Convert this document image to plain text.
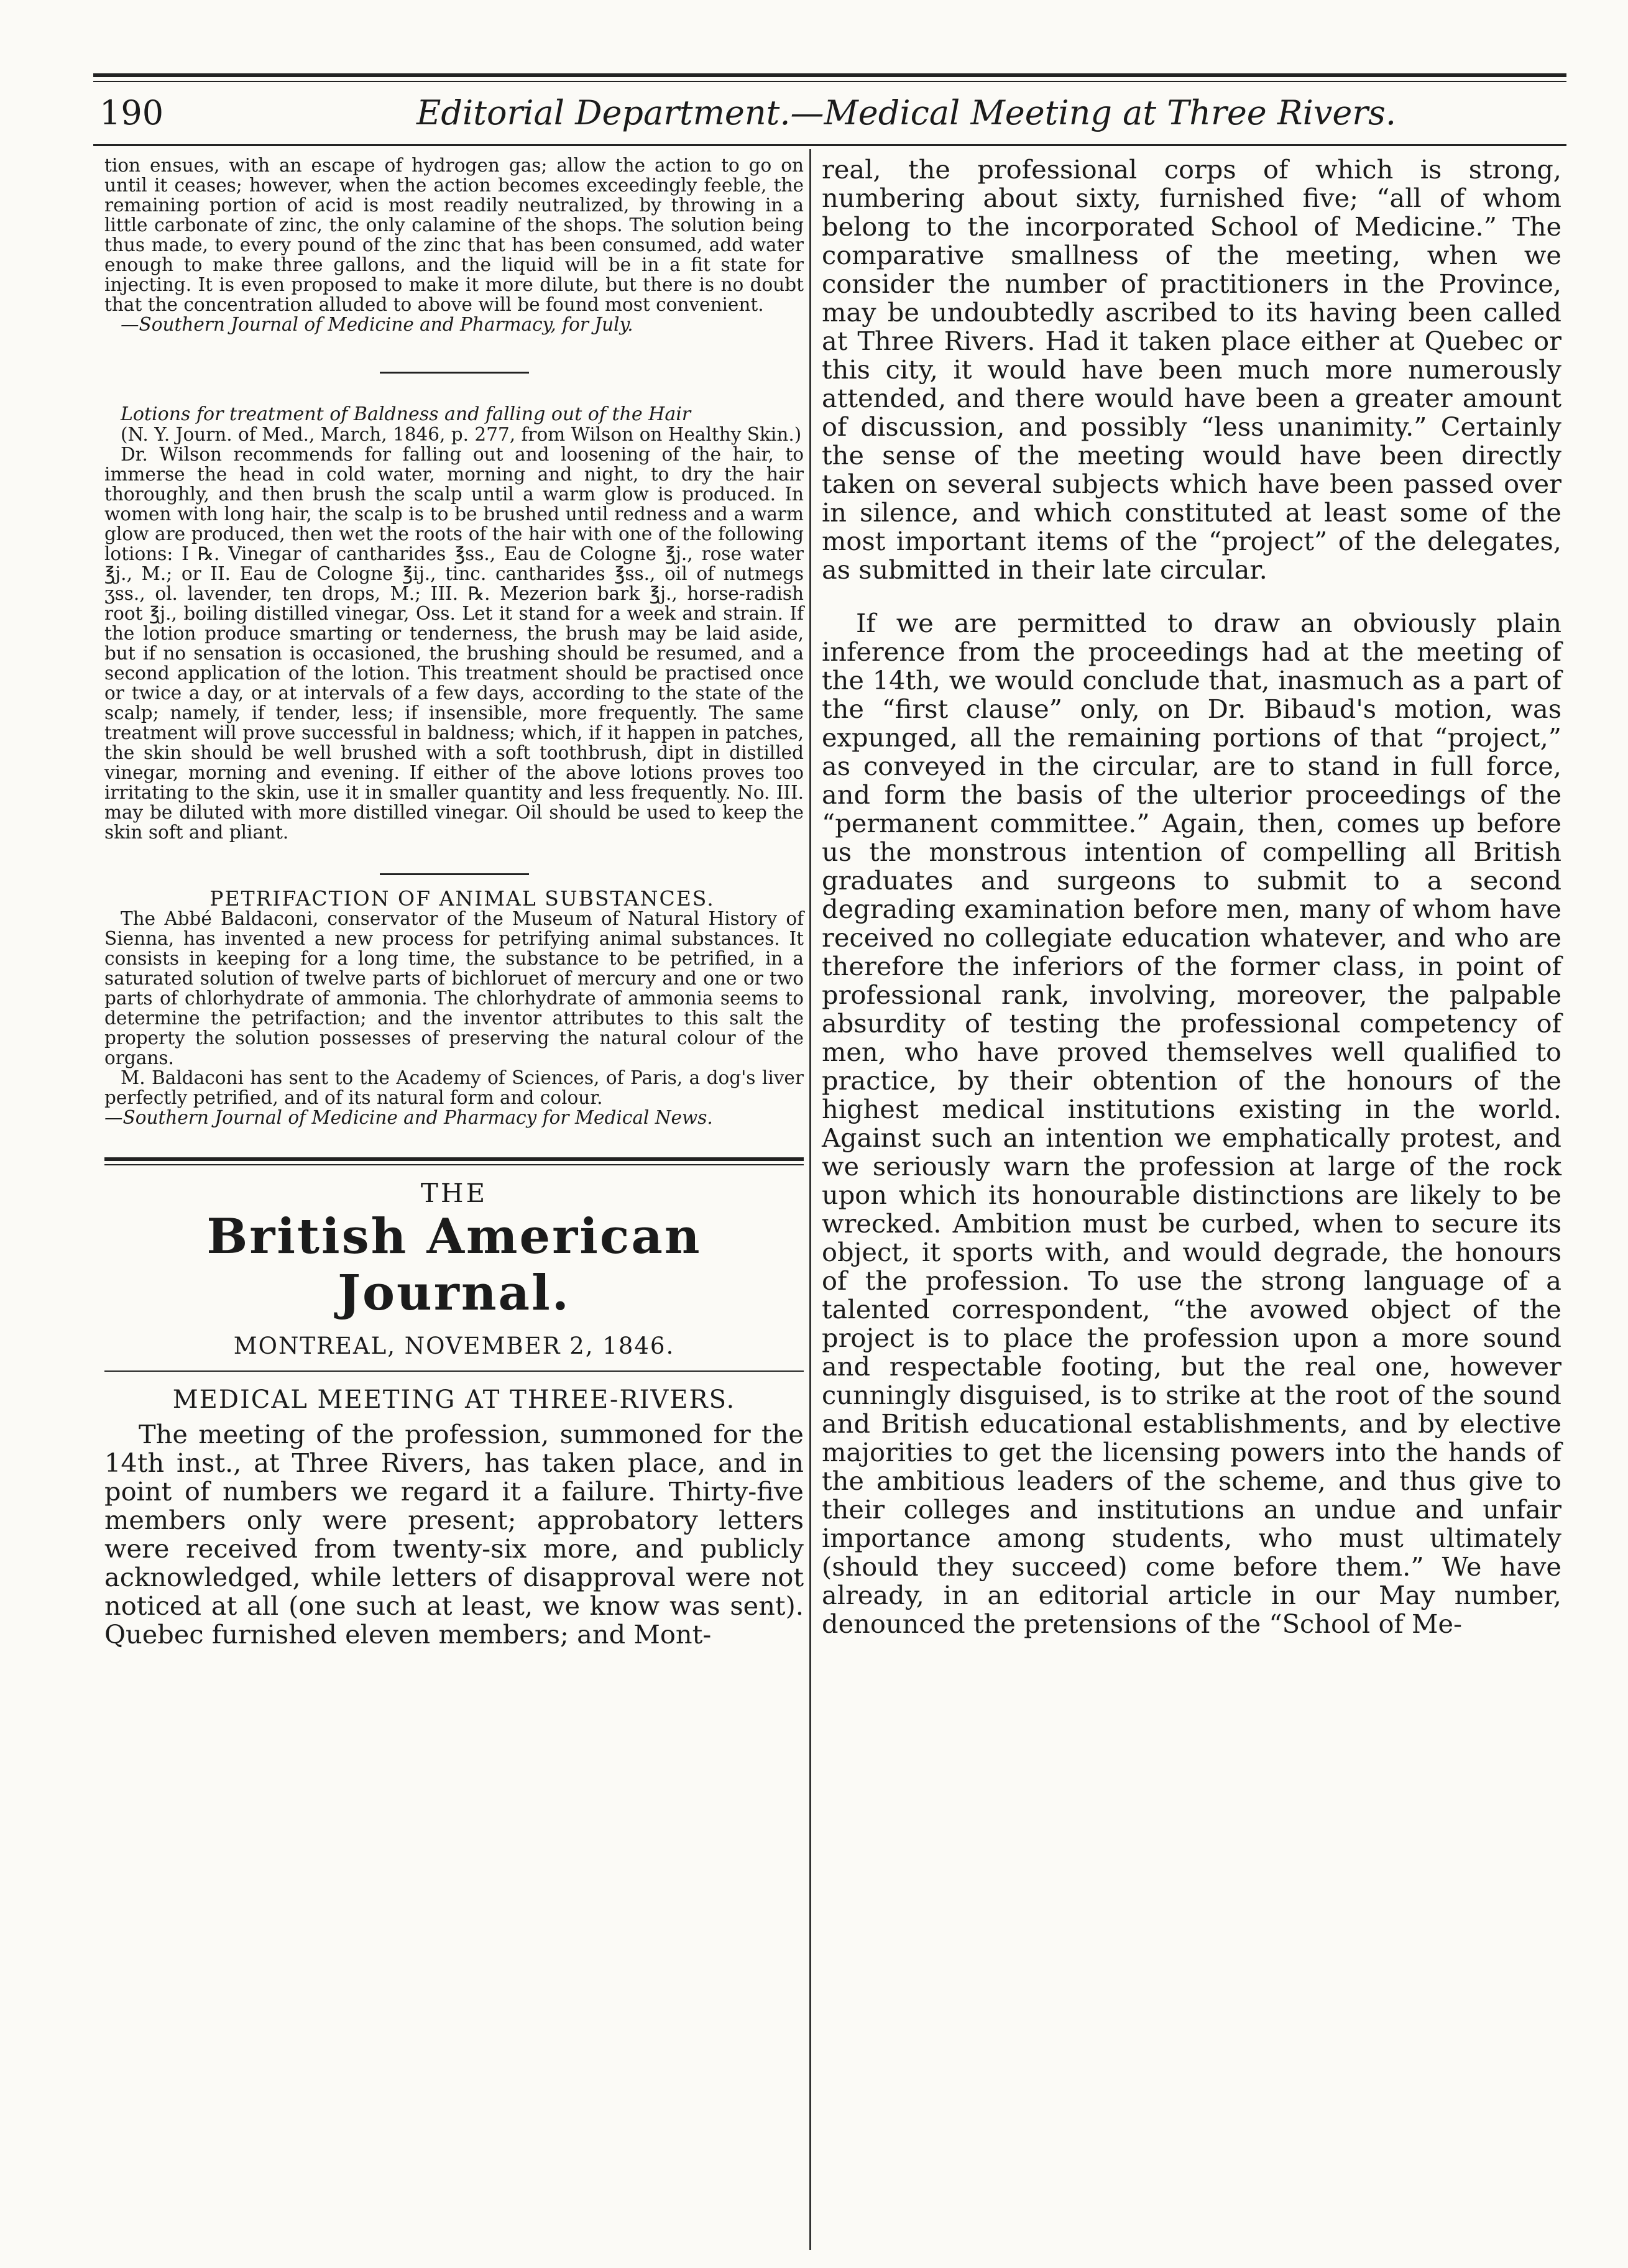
190	Editorial Department.—Medical Meeting at Three Rivers.

tion ensues, with an escape of hydrogen gas; allow the action to go on until it ceases; however, when the action becomes exceedingly feeble, the remaining portion of acid is most readily neutralized, by throwing in a little carbonate of zinc, the only calamine of the shops. The solution being thus made, to every pound of the zinc that has been consumed, add water enough to make three gallons, and the liquid will be in a fit state for injecting. It is even proposed to make it more dilute, but there is no doubt that the concentration alluded to above will be found most convenient.

—Southern Journal of Medicine and Pharmacy, for July.

Lotions for treatment of Baldness and falling out of the Hair

(N. Y. Journ. of Med., March, 1846, p. 277, from Wilson on Healthy Skin.)

Dr. Wilson recommends for falling out and loosening of the hair, to immerse the head in cold water, morning and night, to dry the hair thoroughly, and then brush the scalp until a warm glow is produced. In women with long hair, the scalp is to be brushed until redness and a warm glow are produced, then wet the roots of the hair with one of the following lotions: I ℞. Vinegar of cantharides ℥ss., Eau de Cologne ℥j., rose water ℥j., M.; or II. Eau de Cologne ℥ij., tinc. cantharides ℥ss., oil of nutmegs ʒss., ol. lavender, ten drops, M.; III. ℞. Mezerion bark ℥j., horse-radish root ℥j., boiling distilled vinegar, Oss. Let it stand for a week and strain. If the lotion produce smarting or tenderness, the brush may be laid aside, but if no sensation is occasioned, the brushing should be resumed, and a second application of the lotion. This treatment should be practised once or twice a day, or at intervals of a few days, according to the state of the scalp; namely, if tender, less; if insensible, more frequently. The same treatment will prove successful in baldness; which, if it happen in patches, the skin should be well brushed with a soft toothbrush, dipt in distilled vinegar, morning and evening. If either of the above lotions proves too irritating to the skin, use it in smaller quantity and less frequently. No. III. may be diluted with more distilled vinegar. Oil should be used to keep the skin soft and pliant.

PETRIFACTION OF ANIMAL SUBSTANCES.

The Abbé Baldaconi, conservator of the Museum of Natural History of Sienna, has invented a new process for petrifying animal substances. It consists in keeping for a long time, the substance to be petrified, in a saturated solution of twelve parts of bichloruet of mercury and one or two parts of chlorhydrate of ammonia. The chlorhydrate of ammonia seems to determine the petrifaction; and the inventor attributes to this salt the property the solution possesses of preserving the natural colour of the organs.

M. Baldaconi has sent to the Academy of Sciences, of Paris, a dog's liver perfectly petrified, and of its natural form and colour.

—Southern Journal of Medicine and Pharmacy for Medical News.

THE

British American Journal.

MONTREAL, NOVEMBER 2, 1846.

MEDICAL MEETING AT THREE-RIVERS.

The meeting of the profession, summoned for the 14th inst., at Three Rivers, has taken place, and in point of numbers we regard it a failure. Thirty-five members only were present; approbatory letters were received from twenty-six more, and publicly acknowledged, while letters of disapproval were not noticed at all (one such at least, we know was sent). Quebec furnished eleven members; and Mont-

real, the professional corps of which is strong, numbering about sixty, furnished five; “all of whom belong to the incorporated School of Medicine.” The comparative smallness of the meeting, when we consider the number of practitioners in the Province, may be undoubtedly ascribed to its having been called at Three Rivers. Had it taken place either at Quebec or this city, it would have been much more numerously attended, and there would have been a greater amount of discussion, and possibly “less unanimity.” Certainly the sense of the meeting would have been directly taken on several subjects which have been passed over in silence, and which constituted at least some of the most important items of the “project” of the delegates, as submitted in their late circular.

If we are permitted to draw an obviously plain inference from the proceedings had at the meeting of the 14th, we would conclude that, inasmuch as a part of the “first clause” only, on Dr. Bibaud's motion, was expunged, all the remaining portions of that “project,” as conveyed in the circular, are to stand in full force, and form the basis of the ulterior proceedings of the “permanent committee.” Again, then, comes up before us the monstrous intention of compelling all British graduates and surgeons to submit to a second degrading examination before men, many of whom have received no collegiate education whatever, and who are therefore the inferiors of the former class, in point of professional rank, involving, moreover, the palpable absurdity of testing the professional competency of men, who have proved themselves well qualified to practice, by their obtention of the honours of the highest medical institutions existing in the world. Against such an intention we emphatically protest, and we seriously warn the profession at large of the rock upon which its honourable distinctions are likely to be wrecked. Ambition must be curbed, when to secure its object, it sports with, and would degrade, the honours of the profession. To use the strong language of a talented correspondent, “the avowed object of the project is to place the profession upon a more sound and respectable footing, but the real one, however cunningly disguised, is to strike at the root of the sound and British educational establishments, and by elective majorities to get the licensing powers into the hands of the ambitious leaders of the scheme, and thus give to their colleges and institutions an undue and unfair importance among students, who must ultimately (should they succeed) come before them.” We have already, in an editorial article in our May number, denounced the pretensions of the “School of Me-
